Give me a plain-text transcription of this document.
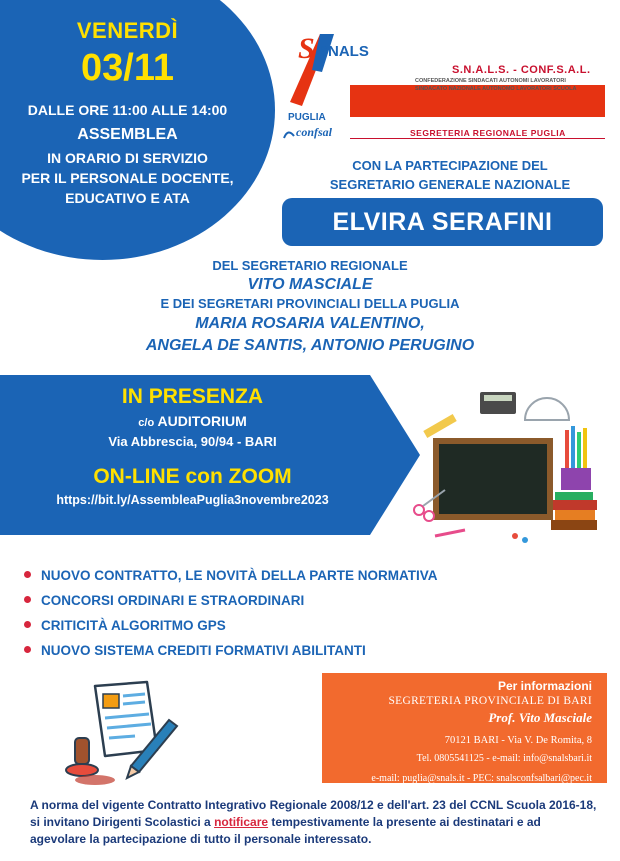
VENERDÌ
03/11
DALLE ORE 11:00 ALLE 14:00
ASSEMBLEA
IN ORARIO DI SERVIZIO
PER IL PERSONALE DOCENTE,
EDUCATIVO E ATA
S SNALS
PUGLIA
confsal
S.N.A.L.S. - CONF.S.A.L.
CONFEDERAZIONE SINDACATI AUTONOMI LAVORATORI
SINDACATO NAZIONALE AUTONOMO LAVORATORI SCUOLA
SEGRETERIA REGIONALE PUGLIA
CON LA PARTECIPAZIONE DEL
SEGRETARIO GENERALE NAZIONALE
ELVIRA SERAFINI
DEL SEGRETARIO REGIONALE
VITO MASCIALE
E DEI SEGRETARI PROVINCIALI DELLA PUGLIA
MARIA ROSARIA VALENTINO,
ANGELA DE SANTIS, ANTONIO PERUGINO
IN PRESENZA
c/o AUDITORIUM
Via Abbrescia, 90/94 - BARI
ON-LINE con ZOOM
https://bit.ly/AssembleaPuglia3novembre2023
NUOVO CONTRATTO, LE NOVITÀ DELLA PARTE NORMATIVA
CONCORSI ORDINARI E STRAORDINARI
CRITICITÀ ALGORITMO GPS
NUOVO SISTEMA CREDITI FORMATIVI ABILITANTI
Per informazioni
SEGRETERIA PROVINCIALE DI BARI
Prof. Vito Masciale
70121 BARI - Via V. De Romita, 8
Tel. 0805541125 - e-mail: info@snalsbari.it
e-mail: puglia@snals.it - PEC: snalsconfsalbari@pec.it
A norma del vigente Contratto Integrativo Regionale 2008/12 e dell'art. 23 del CCNL Scuola 2016-18, si invitano Dirigenti Scolastici a notificare tempestivamente la presente ai destinatari e ad agevolare la partecipazione di tutto il personale interessato.
